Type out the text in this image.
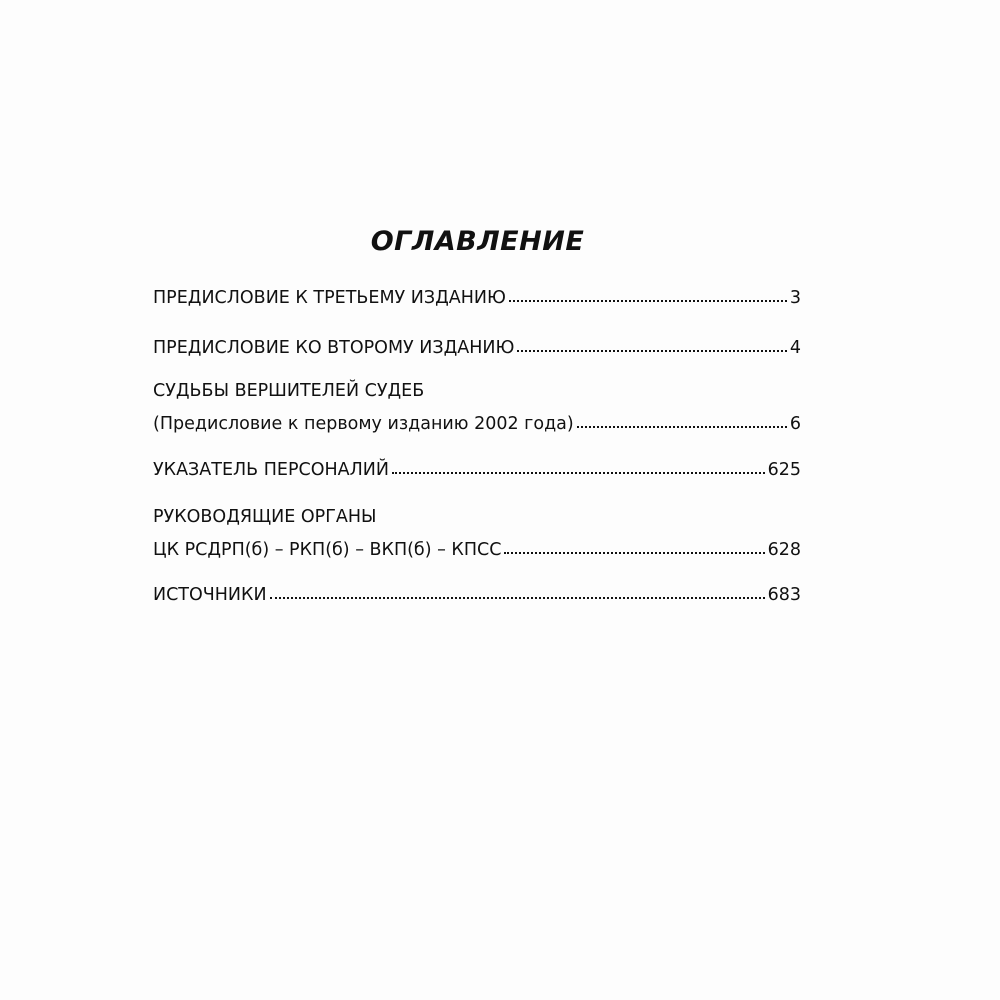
ОГЛАВЛЕНИЕ
ПРЕДИСЛОВИЕ К ТРЕТЬЕМУ ИЗДАНИЮ	3
ПРЕДИСЛОВИЕ КО ВТОРОМУ ИЗДАНИЮ	4
СУДЬБЫ ВЕРШИТЕЛЕЙ СУДЕБ
(Предисловие к первому изданию 2002 года)	6
УКАЗАТЕЛЬ ПЕРСОНАЛИЙ	625
РУКОВОДЯЩИЕ ОРГАНЫ
ЦК РСДРП(б) – РКП(б) – ВКП(б) – КПСС	628
ИСТОЧНИКИ	683
